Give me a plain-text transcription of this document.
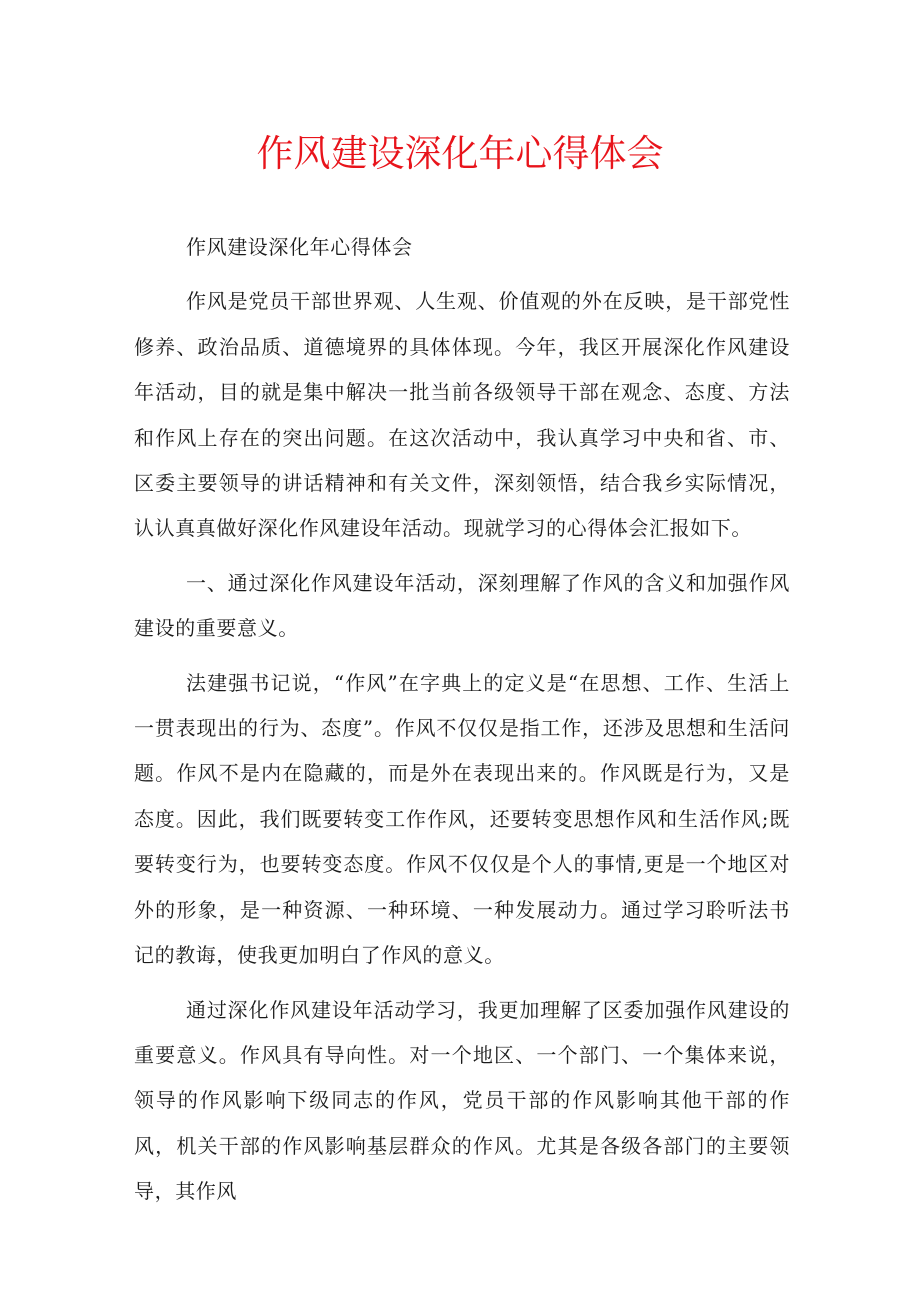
作风建设深化年心得体会

作风建设深化年心得体会

作风是党员干部世界观、人生观、价值观的外在反映，是干部党性修养、政治品质、道德境界的具体体现。今年，我区开展深化作风建设年活动，目的就是集中解决一批当前各级领导干部在观念、态度、方法和作风上存在的突出问题。在这次活动中，我认真学习中央和省、市、区委主要领导的讲话精神和有关文件，深刻领悟，结合我乡实际情况，认认真真做好深化作风建设年活动。现就学习的心得体会汇报如下。

一、通过深化作风建设年活动，深刻理解了作风的含义和加强作风建设的重要意义。

法建强书记说，“作风”在字典上的定义是“在思想、工作、生活上一贯表现出的行为、态度”。作风不仅仅是指工作，还涉及思想和生活问题。作风不是内在隐藏的，而是外在表现出来的。作风既是行为，又是态度。因此，我们既要转变工作作风，还要转变思想作风和生活作风;既要转变行为，也要转变态度。作风不仅仅是个人的事情,更是一个地区对外的形象，是一种资源、一种环境、一种发展动力。通过学习聆听法书记的教诲，使我更加明白了作风的意义。

通过深化作风建设年活动学习，我更加理解了区委加强作风建设的重要意义。作风具有导向性。对一个地区、一个部门、一个集体来说，领导的作风影响下级同志的作风，党员干部的作风影响其他干部的作风，机关干部的作风影响基层群众的作风。尤其是各级各部门的主要领导，其作风
